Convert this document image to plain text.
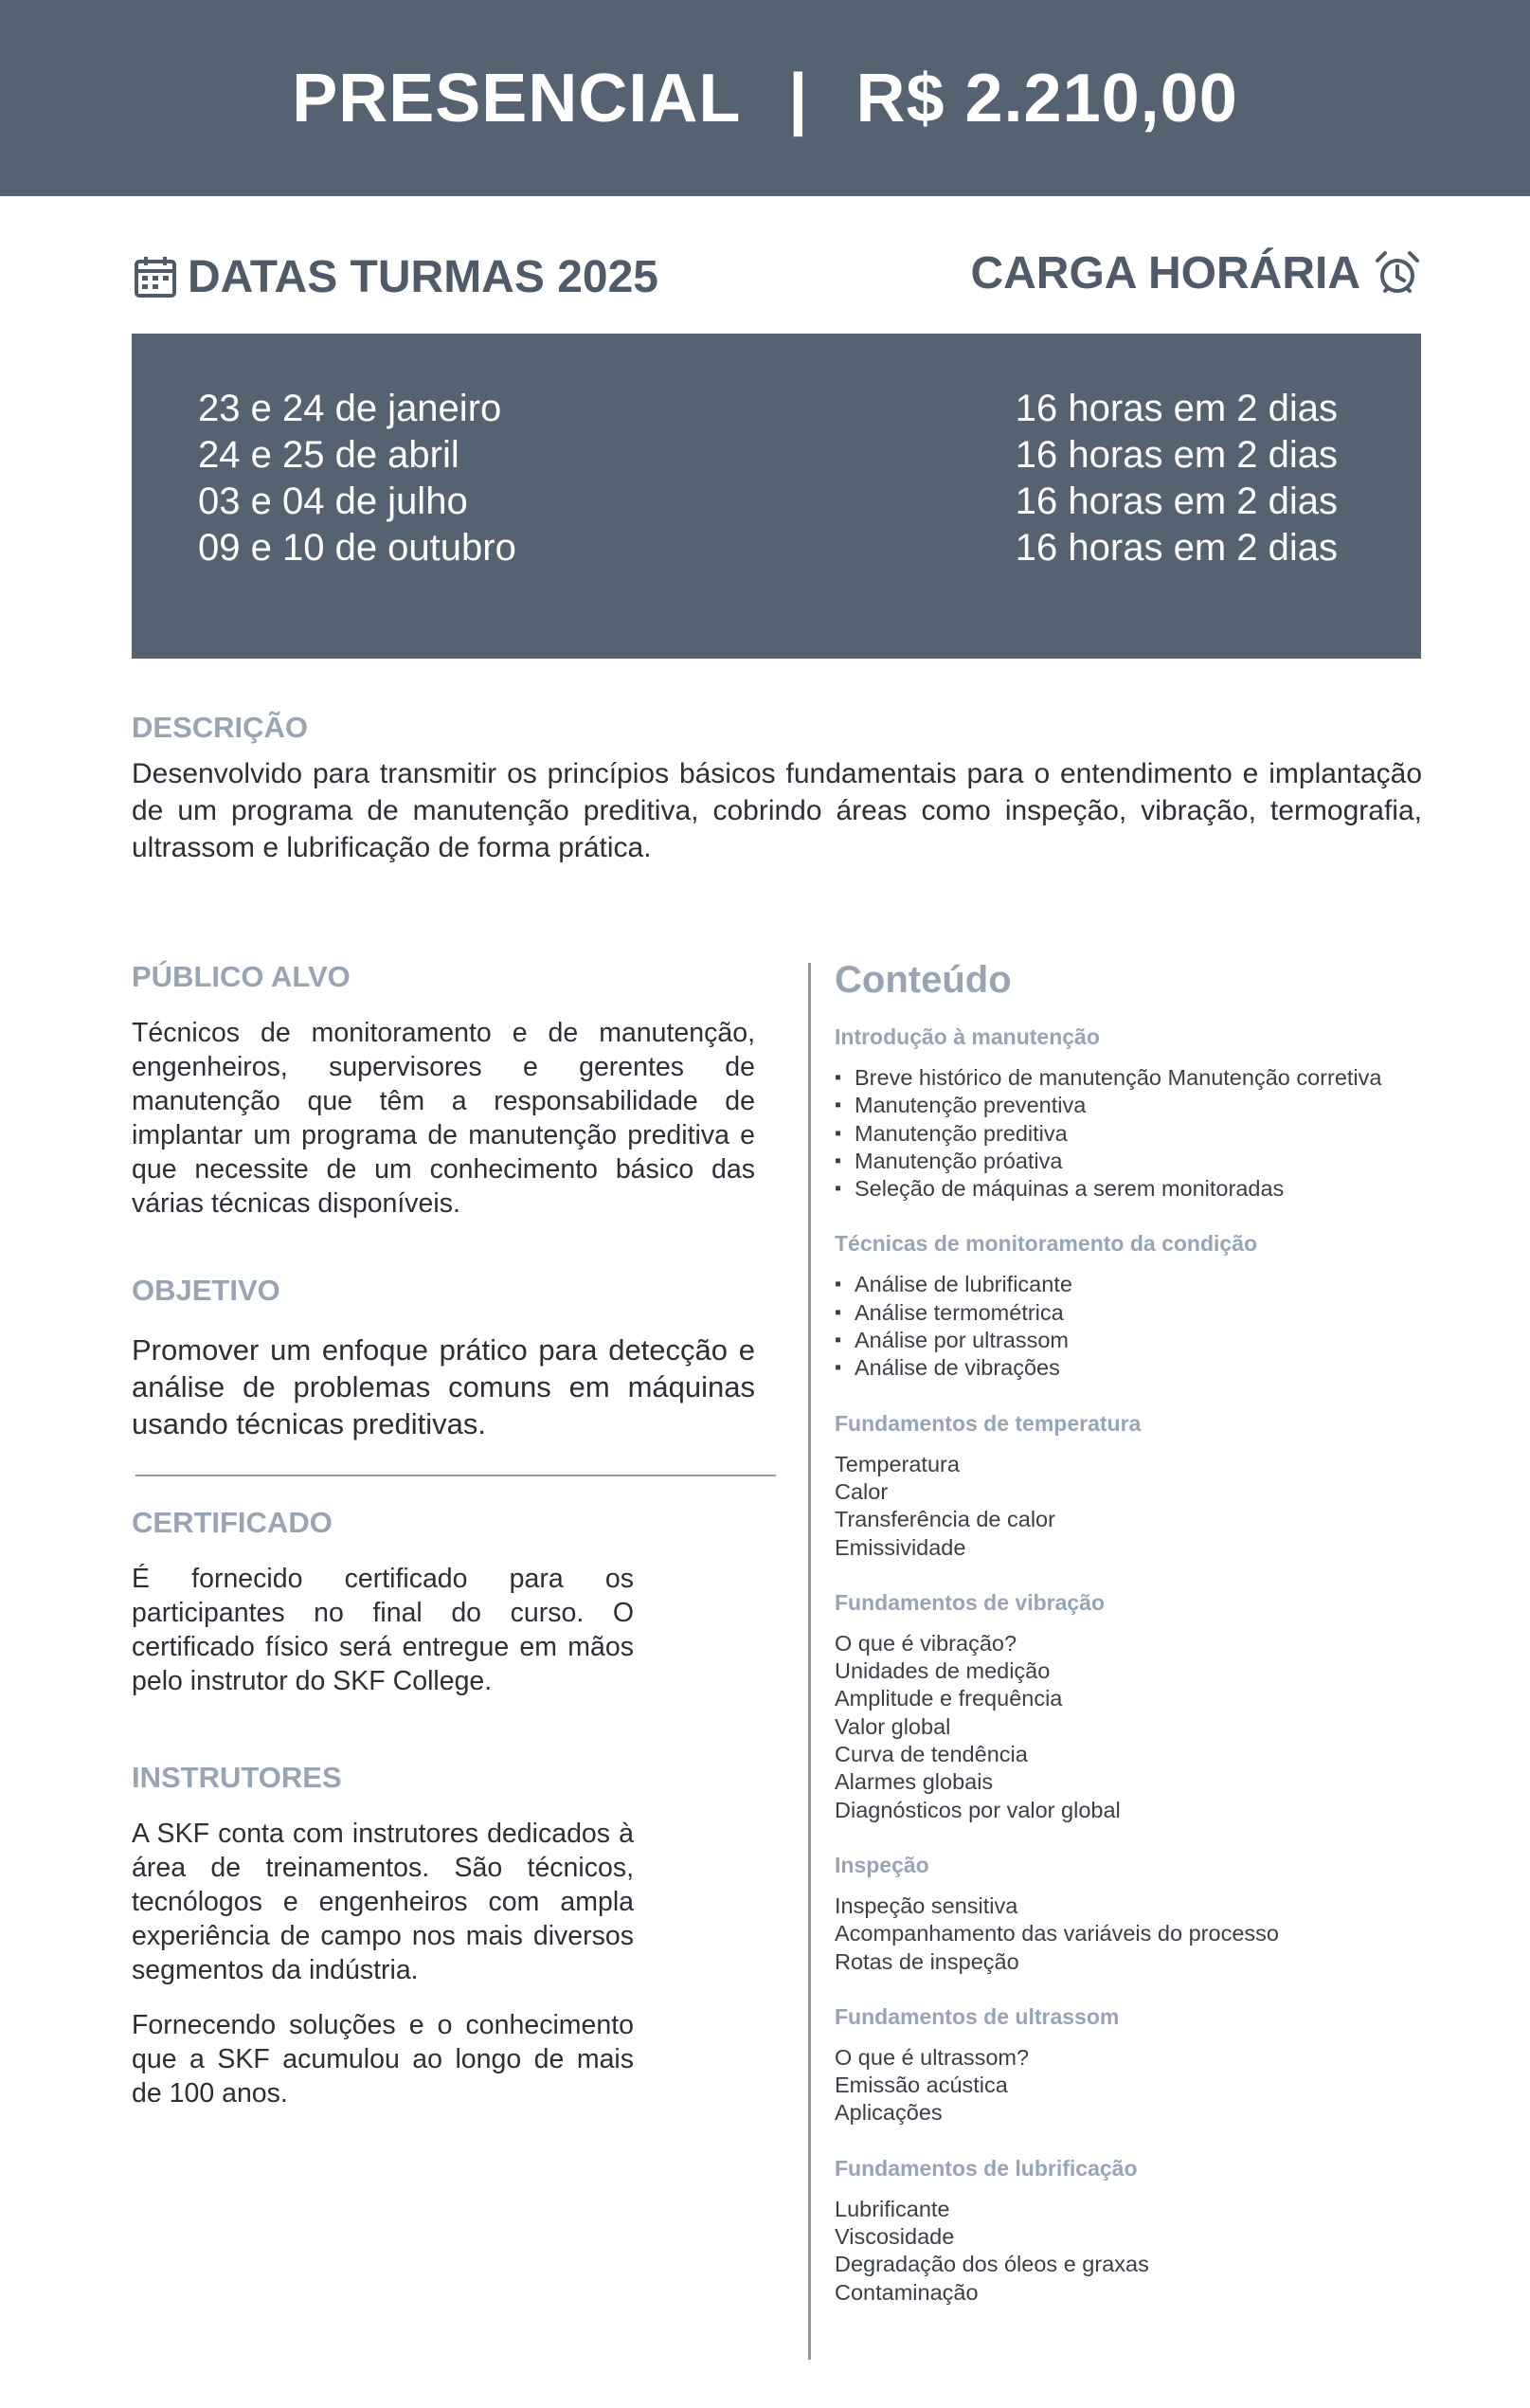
PRESENCIAL | R$ 2.210,00
DATAS TURMAS 2025	CARGA HORÁRIA
23 e 24 de janeiro
24 e 25 de abril
03 e 04 de julho
09 e 10 de outubro
16 horas em 2 dias
16 horas em 2 dias
16 horas em 2 dias
16 horas em 2 dias
DESCRIÇÃO
Desenvolvido para transmitir os princípios básicos fundamentais para o entendimento e implantação de um programa de manutenção preditiva, cobrindo áreas como inspeção, vibração, termografia, ultrassom e lubrificação de forma prática.
PÚBLICO ALVO
Técnicos de monitoramento e de manutenção, engenheiros, supervisores e gerentes de manutenção que têm a responsabilidade de implantar um programa de manutenção preditiva e que necessite de um conhecimento básico das várias técnicas disponíveis.
OBJETIVO
Promover um enfoque prático para detecção e análise de problemas comuns em máquinas usando técnicas preditivas.
CERTIFICADO
É fornecido certificado para os participantes no final do curso. O certificado físico será entregue em mãos pelo instrutor do SKF College.
INSTRUTORES

A SKF conta com instrutores dedicados à área de treinamentos. São técnicos, tecnólogos e engenheiros com ampla experiência de campo nos mais diversos segmentos da indústria.

Fornecendo soluções e o conhecimento que a SKF acumulou ao longo de mais de 100 anos.

Conteúdo
Introdução à manutenção
▪ Breve histórico de manutenção Manutenção corretiva
▪ Manutenção preventiva
▪ Manutenção preditiva
▪ Manutenção próativa
▪ Seleção de máquinas a serem monitoradas
Técnicas de monitoramento da condição
▪ Análise de lubrificante
▪ Análise termométrica
▪ Análise por ultrassom
▪ Análise de vibrações
Fundamentos de temperatura
Temperatura
Calor
Transferência de calor
Emissividade
Fundamentos de vibração
O que é vibração?
Unidades de medição
Amplitude e frequência
Valor global
Curva de tendência
Alarmes globais
Diagnósticos por valor global
Inspeção
Inspeção sensitiva
Acompanhamento das variáveis do processo
Rotas de inspeção
Fundamentos de ultrassom
O que é ultrassom?
Emissão acústica
Aplicações
Fundamentos de lubrificação
Lubrificante
Viscosidade
Degradação dos óleos e graxas
Contaminação
